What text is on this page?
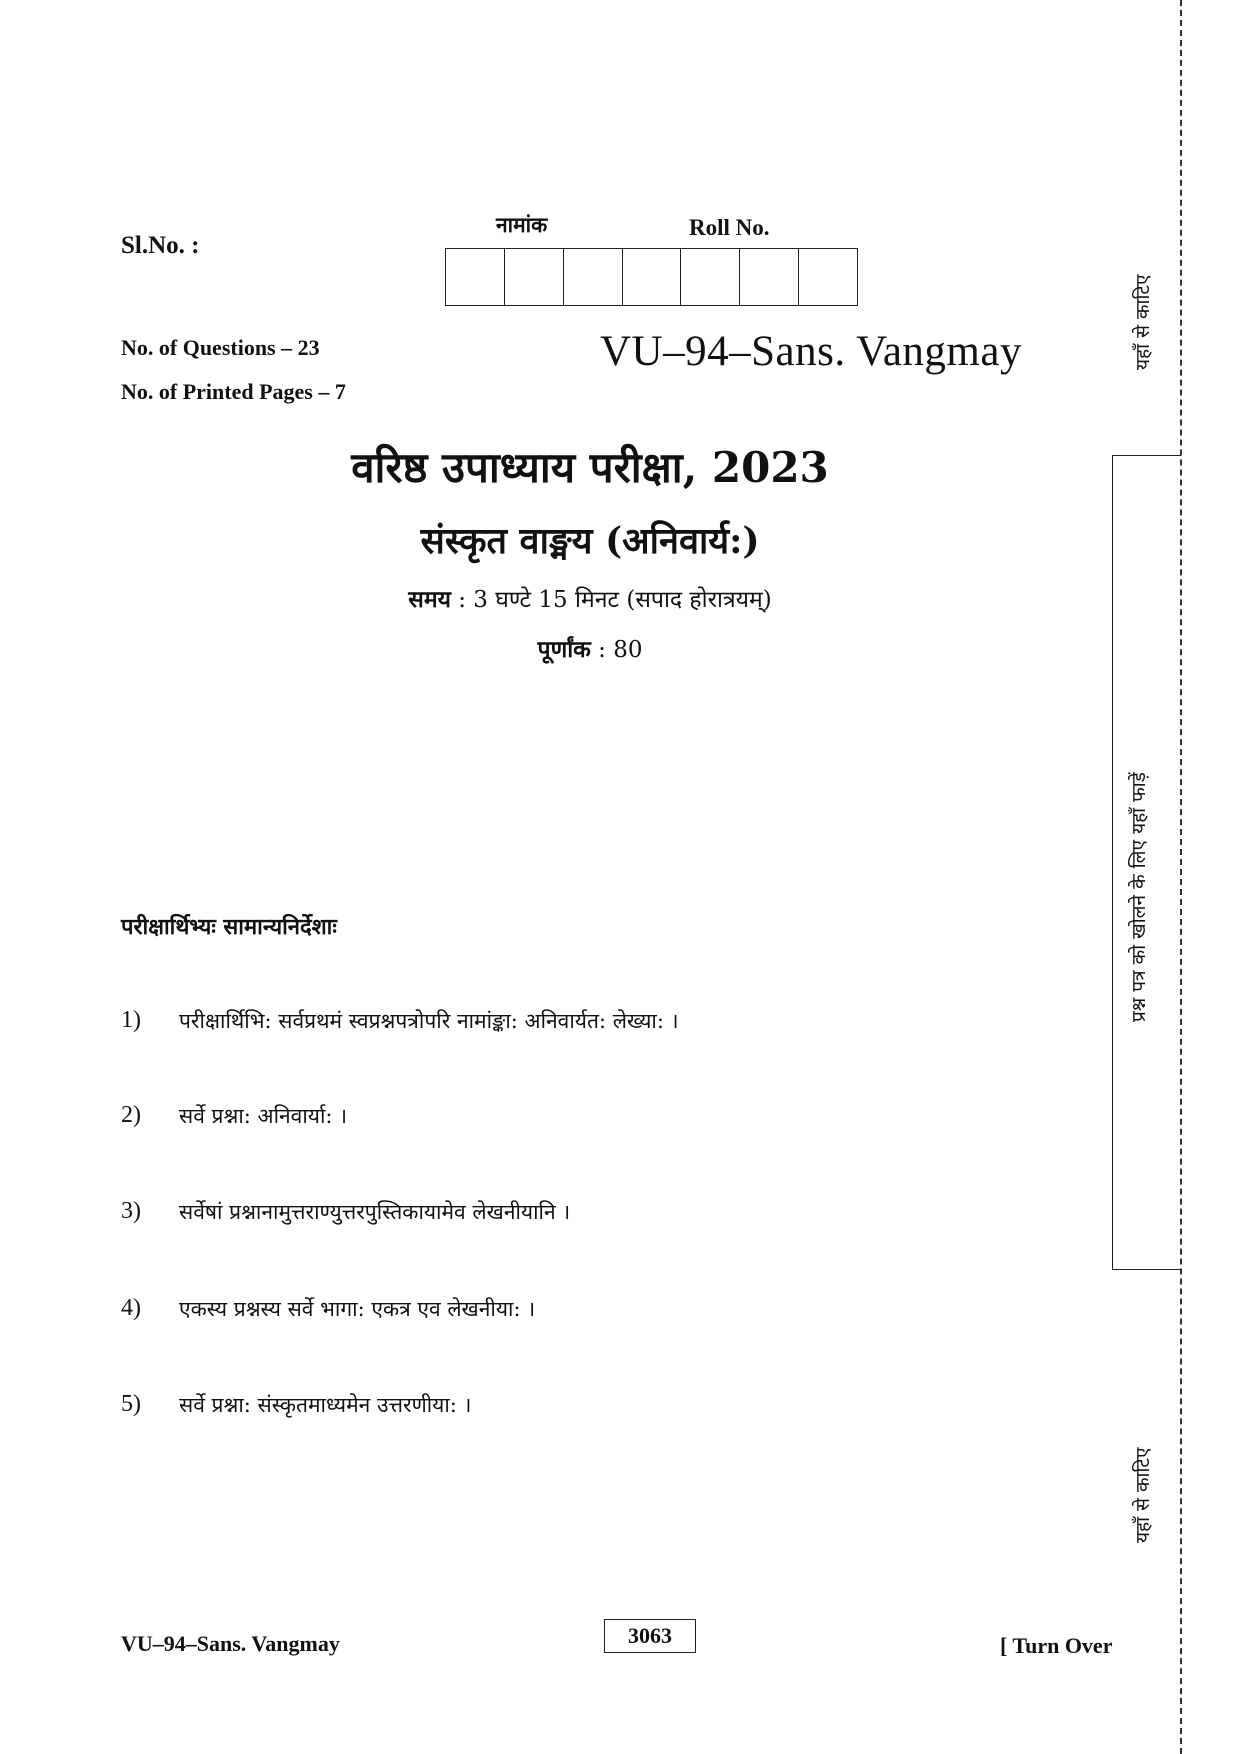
Sl.No. :
नामांक	Roll No.
No. of Questions – 23
No. of Printed Pages – 7
VU–94–Sans. Vangmay
वरिष्ठ उपाध्याय परीक्षा, 2023
संस्कृत वाङ्मय (अनिवार्य:)
समय : 3 घण्टे 15 मिनट (सपाद होरात्रयम्)
पूर्णांक : 80
परीक्षार्थिभ्यः सामान्यनिर्देशाः
1)	परीक्षार्थिभि: सर्वप्रथमं स्वप्रश्नपत्रोपरि नामांङ्का: अनिवार्यत: लेख्या: ।
2)	सर्वे प्रश्ना: अनिवार्या: ।
3)	सर्वेषां प्रश्नानामुत्तराण्युत्तरपुस्तिकायामेव लेखनीयानि ।
4)	एकस्य प्रश्नस्य सर्वे भागा: एकत्र एव लेखनीया: ।
5)	सर्वे प्रश्ना: संस्कृतमाध्यमेन उत्तरणीया: ।
VU–94–Sans. Vangmay	3063	[ Turn Over
यहाँ से काटिए
प्रश्न पत्र को खोलने के लिए यहाँ फाड़ें
यहाँ से काटिए
